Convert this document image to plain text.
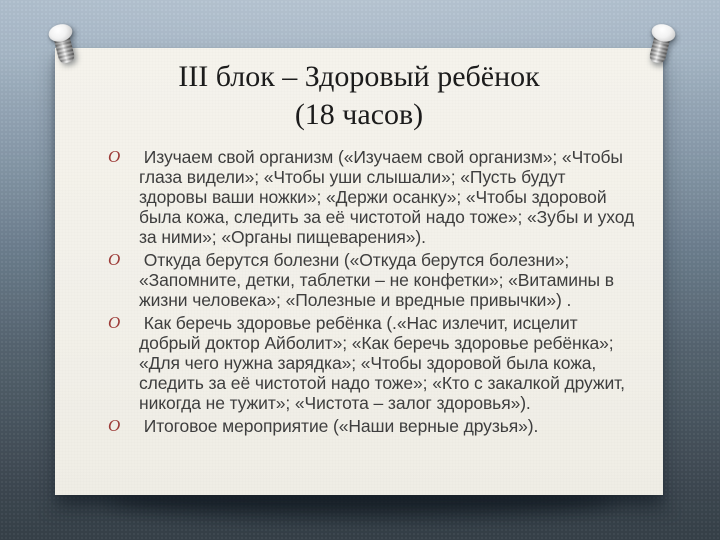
III блок – Здоровый ребёнок
(18 часов)
O Изучаем свой организм («Изучаем свой организм»; «Чтобы глаза видели»; «Чтобы уши слышали»; «Пусть будут здоровы ваши ножки»; «Держи осанку»; «Чтобы здоровой была кожа, следить за её чистотой надо тоже»; «Зубы и уход за ними»; «Органы пищеварения»).
O Откуда берутся болезни («Откуда берутся болезни»; «Запомните, детки, таблетки – не конфетки»; «Витамины в жизни человека»; «Полезные и вредные привычки») .
O Как беречь здоровье ребёнка (.«Нас излечит, исцелит добрый доктор Айболит»; «Как беречь здоровье ребёнка»; «Для чего нужна зарядка»; «Чтобы здоровой была кожа, следить за её чистотой надо тоже»; «Кто с закалкой дружит, никогда не тужит»; «Чистота – залог здоровья»).
O Итоговое мероприятие («Наши верные друзья»).
